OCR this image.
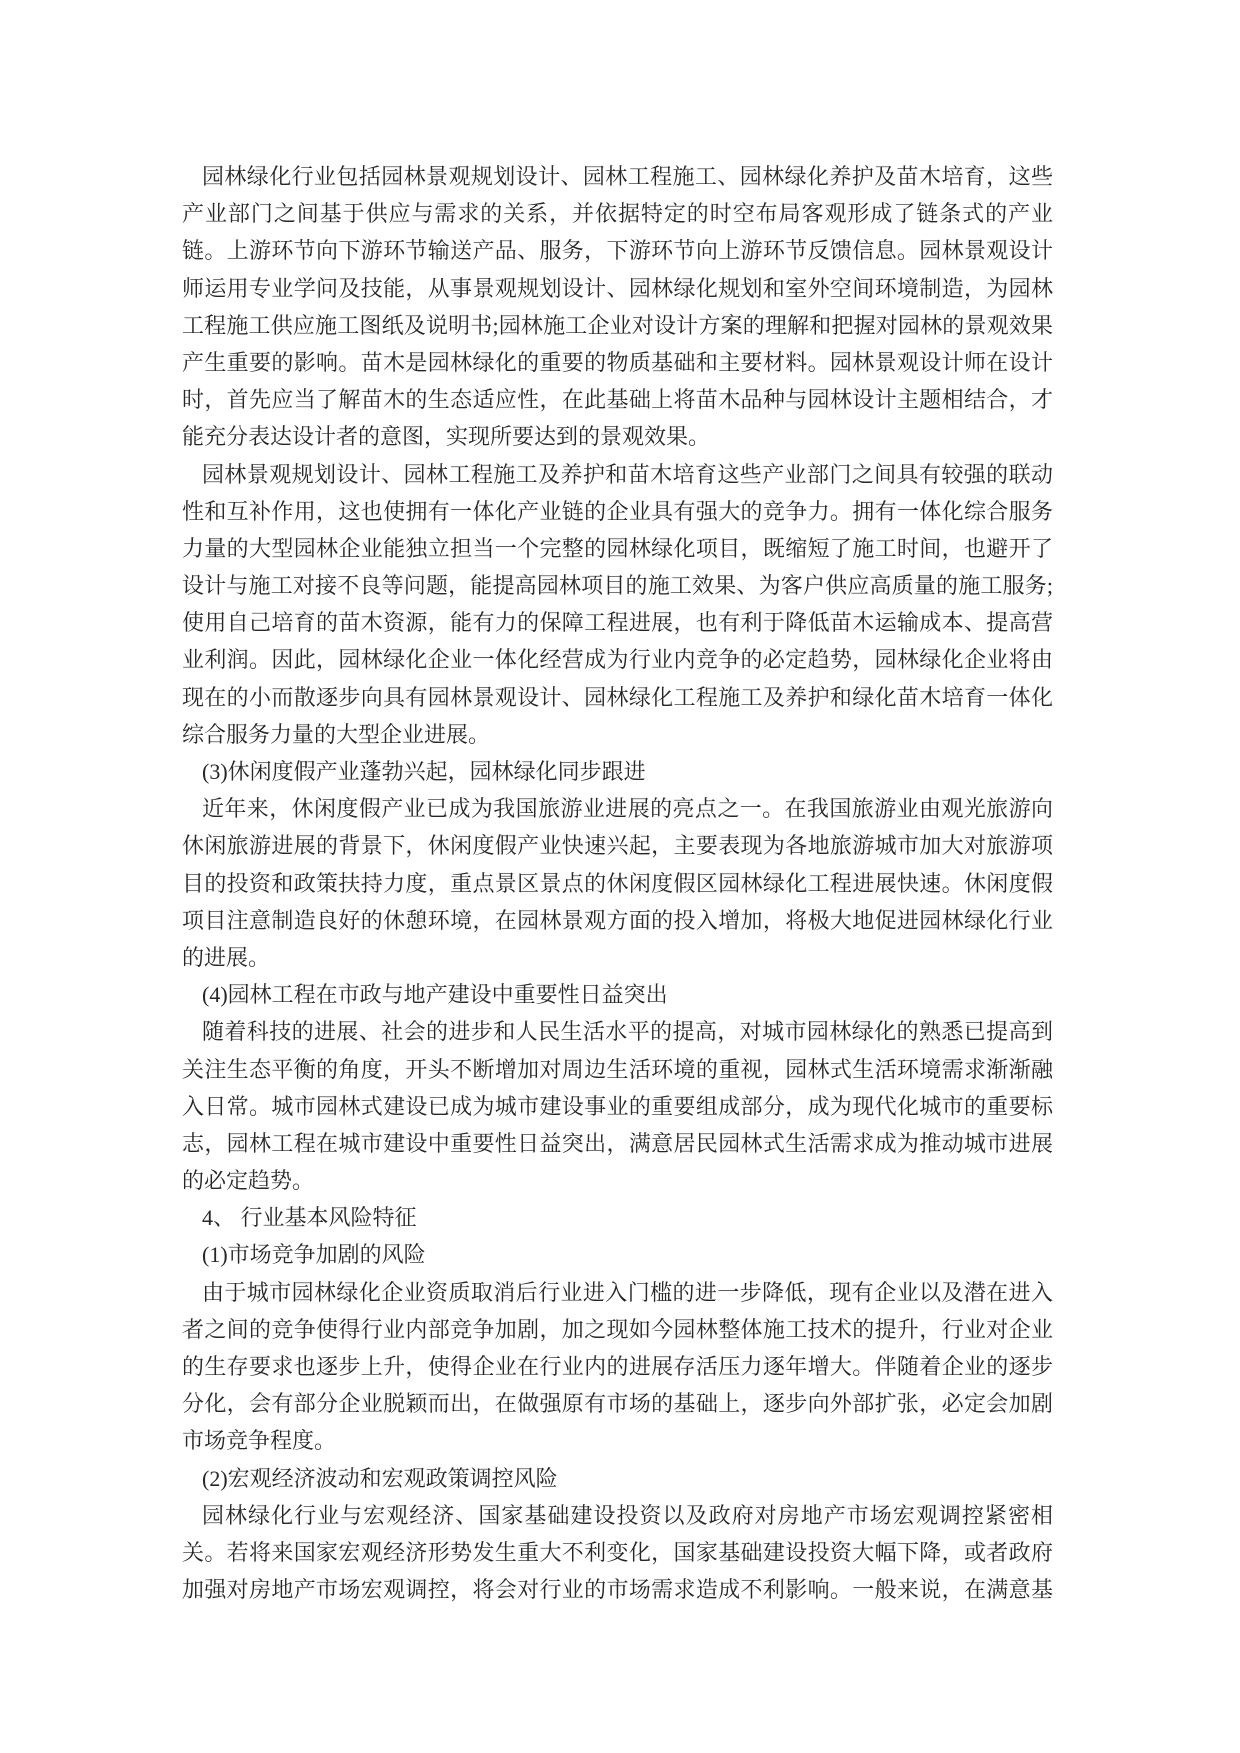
园林绿化行业包括园林景观规划设计、园林工程施工、园林绿化养护及苗木培育，这些
产业部门之间基于供应与需求的关系，并依据特定的时空布局客观形成了链条式的产业
链。上游环节向下游环节输送产品、服务，下游环节向上游环节反馈信息。园林景观设计
师运用专业学问及技能，从事景观规划设计、园林绿化规划和室外空间环境制造，为园林
工程施工供应施工图纸及说明书;园林施工企业对设计方案的理解和把握对园林的景观效果
产生重要的影响。苗木是园林绿化的重要的物质基础和主要材料。园林景观设计师在设计
时，首先应当了解苗木的生态适应性，在此基础上将苗木品种与园林设计主题相结合，才
能充分表达设计者的意图，实现所要达到的景观效果。
园林景观规划设计、园林工程施工及养护和苗木培育这些产业部门之间具有较强的联动
性和互补作用，这也使拥有一体化产业链的企业具有强大的竞争力。拥有一体化综合服务
力量的大型园林企业能独立担当一个完整的园林绿化项目，既缩短了施工时间，也避开了
设计与施工对接不良等问题，能提高园林项目的施工效果、为客户供应高质量的施工服务;
使用自己培育的苗木资源，能有力的保障工程进展，也有利于降低苗木运输成本、提高营
业利润。因此，园林绿化企业一体化经营成为行业内竞争的必定趋势，园林绿化企业将由
现在的小而散逐步向具有园林景观设计、园林绿化工程施工及养护和绿化苗木培育一体化
综合服务力量的大型企业进展。
(3)休闲度假产业蓬勃兴起，园林绿化同步跟进
近年来，休闲度假产业已成为我国旅游业进展的亮点之一。在我国旅游业由观光旅游向
休闲旅游进展的背景下，休闲度假产业快速兴起，主要表现为各地旅游城市加大对旅游项
目的投资和政策扶持力度，重点景区景点的休闲度假区园林绿化工程进展快速。休闲度假
项目注意制造良好的休憩环境，在园林景观方面的投入增加，将极大地促进园林绿化行业
的进展。
(4)园林工程在市政与地产建设中重要性日益突出
随着科技的进展、社会的进步和人民生活水平的提高，对城市园林绿化的熟悉已提高到
关注生态平衡的角度，开头不断增加对周边生活环境的重视，园林式生活环境需求渐渐融
入日常。城市园林式建设已成为城市建设事业的重要组成部分，成为现代化城市的重要标
志，园林工程在城市建设中重要性日益突出，满意居民园林式生活需求成为推动城市进展
的必定趋势。
4、 行业基本风险特征
(1)市场竞争加剧的风险
由于城市园林绿化企业资质取消后行业进入门槛的进一步降低，现有企业以及潜在进入
者之间的竞争使得行业内部竞争加剧，加之现如今园林整体施工技术的提升，行业对企业
的生存要求也逐步上升，使得企业在行业内的进展存活压力逐年增大。伴随着企业的逐步
分化，会有部分企业脱颖而出，在做强原有市场的基础上，逐步向外部扩张，必定会加剧
市场竞争程度。
(2)宏观经济波动和宏观政策调控风险
园林绿化行业与宏观经济、国家基础建设投资以及政府对房地产市场宏观调控紧密相
关。若将来国家宏观经济形势发生重大不利变化，国家基础建设投资大幅下降，或者政府
加强对房地产市场宏观调控，将会对行业的市场需求造成不利影响。一般来说，在满意基
